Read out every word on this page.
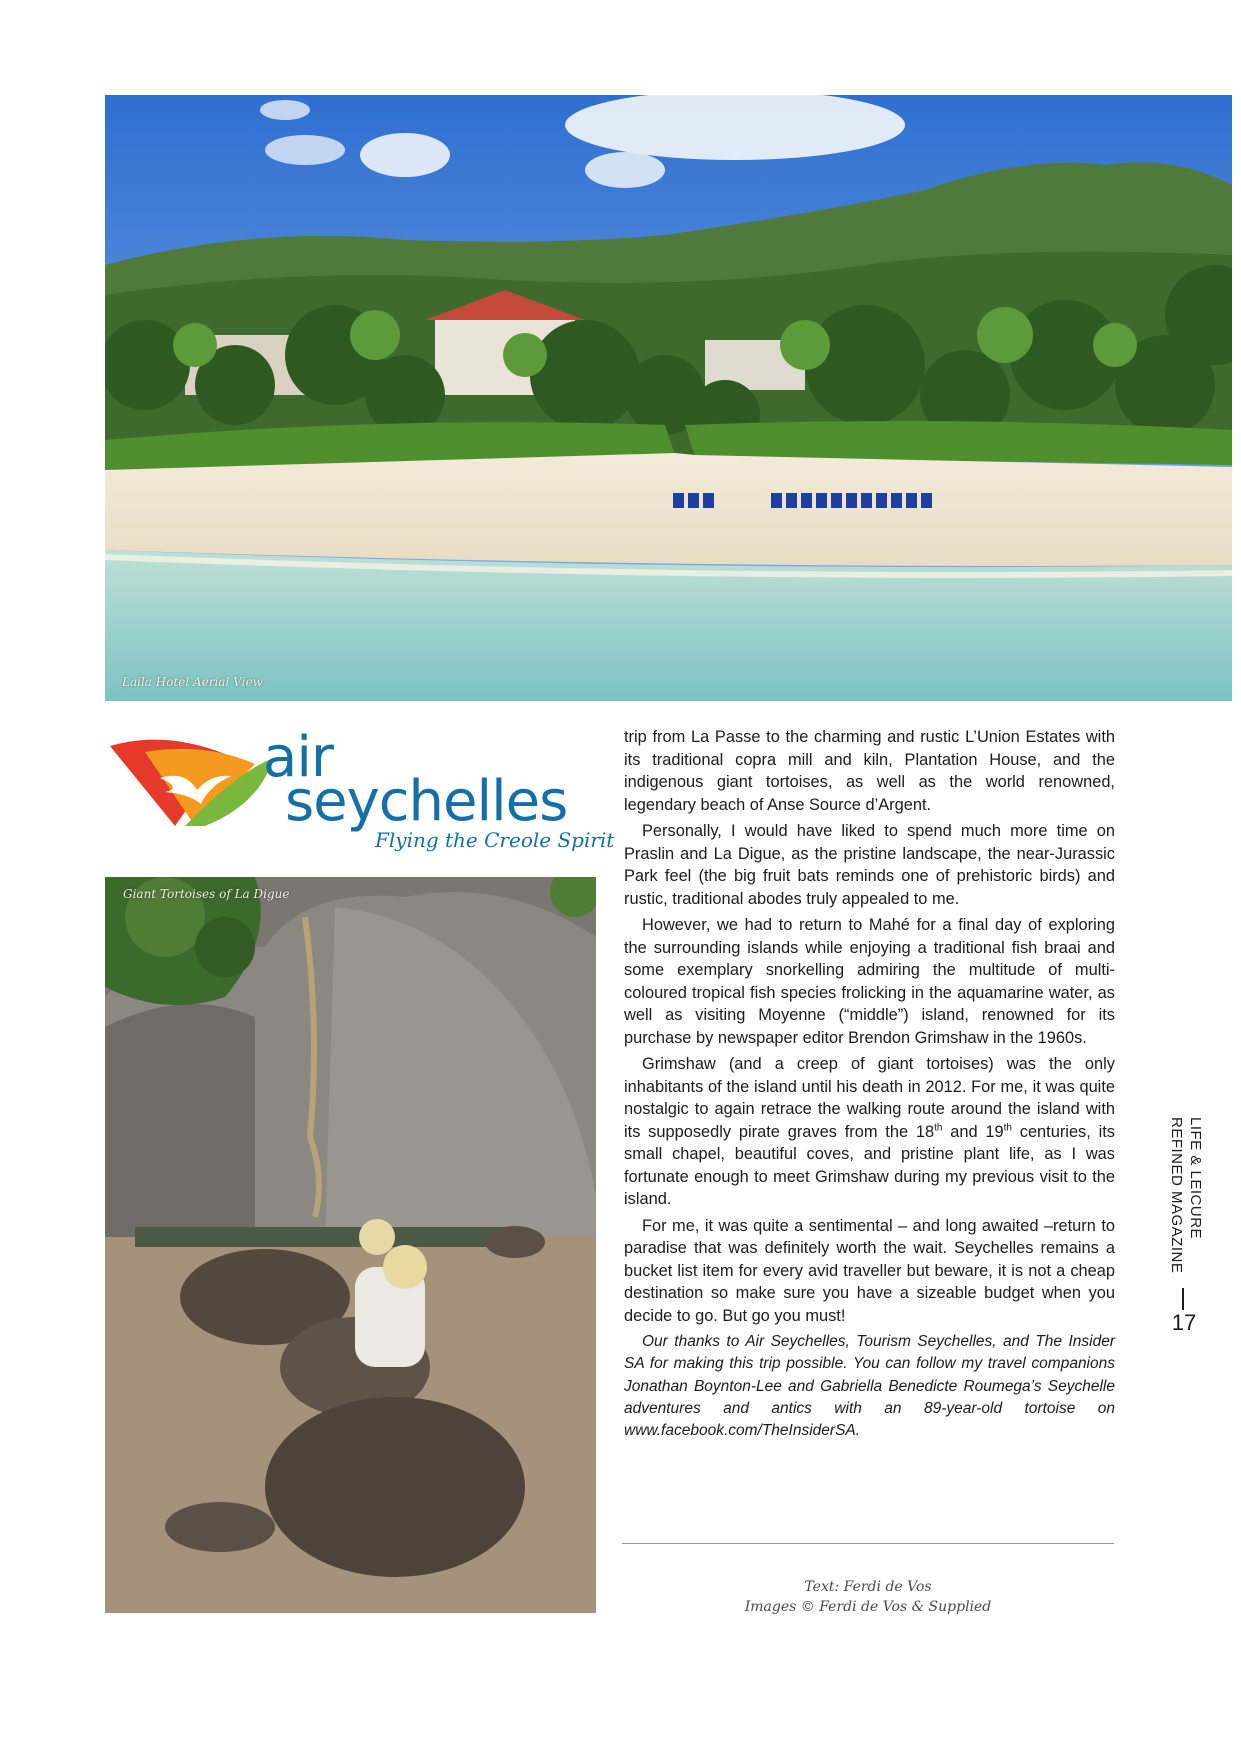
Laila Hotel Aerial View
air
seychelles
Flying the Creole Spirit
Giant Tortoises of La Digue

trip from La Passe to the charming and rustic L’Union Estates with its traditional copra mill and kiln, Plantation House, and the indigenous giant tortoises, as well as the world renowned, legendary beach of Anse Source d’Argent.

Personally, I would have liked to spend much more time on Praslin and La Digue, as the pristine landscape, the near-Jurassic Park feel (the big fruit bats reminds one of prehistoric birds) and rustic, traditional abodes truly appealed to me.

However, we had to return to Mahé for a final day of exploring the surrounding islands while enjoying a traditional fish braai and some exemplary snorkelling admiring the multitude of multi-coloured tropical fish species frolicking in the aquamarine water, as well as visiting Moyenne (“middle”) island, renowned for its purchase by newspaper editor Brendon Grimshaw in the 1960s.

Grimshaw (and a creep of giant tortoises) was the only inhabitants of the island until his death in 2012. For me, it was quite nostalgic to again retrace the walking route around the island with its supposedly pirate graves from the 18th and 19th centuries, its small chapel, beautiful coves, and pristine plant life, as I was fortunate enough to meet Grimshaw during my previous visit to the island.

For me, it was quite a sentimental – and long awaited –return to paradise that was definitely worth the wait. Seychelles remains a bucket list item for every avid traveller but beware, it is not a cheap destination so make sure you have a sizeable budget when you decide to go. But go you must!

Our thanks to Air Seychelles, Tourism Seychelles, and The Insider SA for making this trip possible. You can follow my travel companions Jonathan Boynton-Lee and Gabriella Benedicte Roumega’s Seychelle adventures and antics with an 89-year-old tortoise on www.facebook.com/TheInsiderSA.

Text: Ferdi de Vos
Images © Ferdi de Vos & Supplied
LIFE & LEICURE
REFINED MAGAZINE
17
